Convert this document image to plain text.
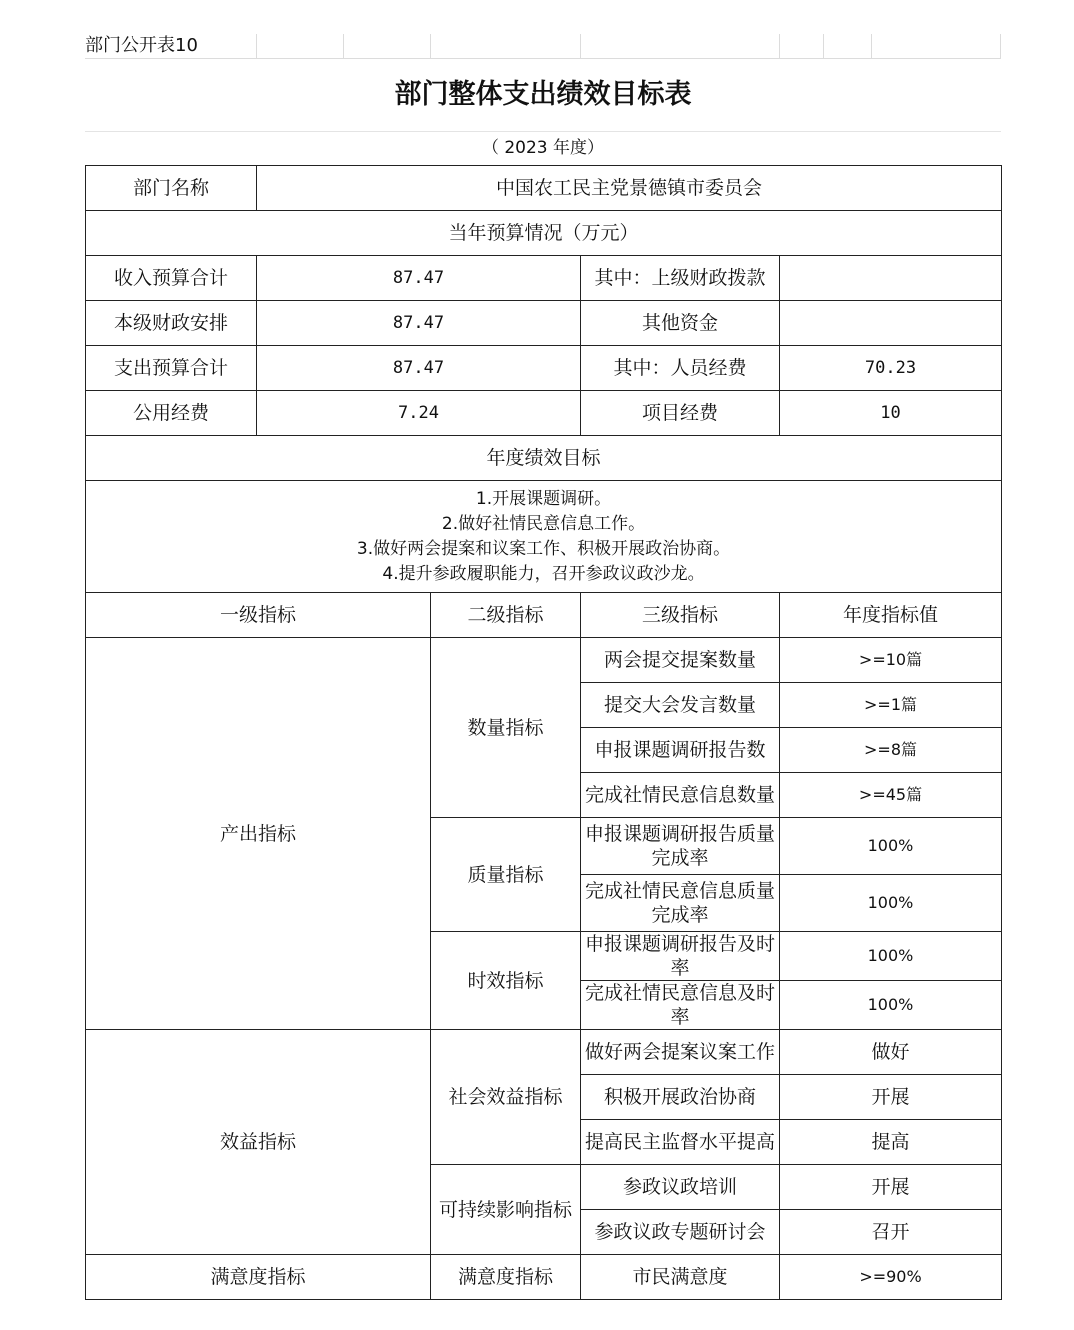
部门公开表10
部门整体支出绩效目标表
（ 2023 年度）
部门名称	中国农工民主党景德镇市委员会			
当年预算情况（万元）				
收入预算合计	87.47		其中：上级财政拨款	
本级财政安排	87.47		其他资金	
支出预算合计	87.47		其中：人员经费	70.23
公用经费	7.24		项目经费	10
年度绩效目标				

1.开展课题调研。
2.做好社情民意信息工作。
3.做好两会提案和议案工作、积极开展政治协商。
4.提升参政履职能力，召开参政议政沙龙。				

一级指标		二级指标	三级指标	年度指标值
产出指标		数量指标	两会提交提案数量	>=10篇
			提交大会发言数量	>=1篇
			申报课题调研报告数	>=8篇
			完成社情民意信息数量	>=45篇
		质量指标	申报课题调研报告质量完成率	100%
			完成社情民意信息质量完成率	100%
		时效指标	申报课题调研报告及时率	100%
			完成社情民意信息及时率	100%
效益指标		社会效益指标	做好两会提案议案工作	做好
			积极开展政治协商	开展
			提高民主监督水平提高	提高
		可持续影响指标	参政议政培训	开展
			参政议政专题研讨会	召开
满意度指标		满意度指标	市民满意度	>=90%
